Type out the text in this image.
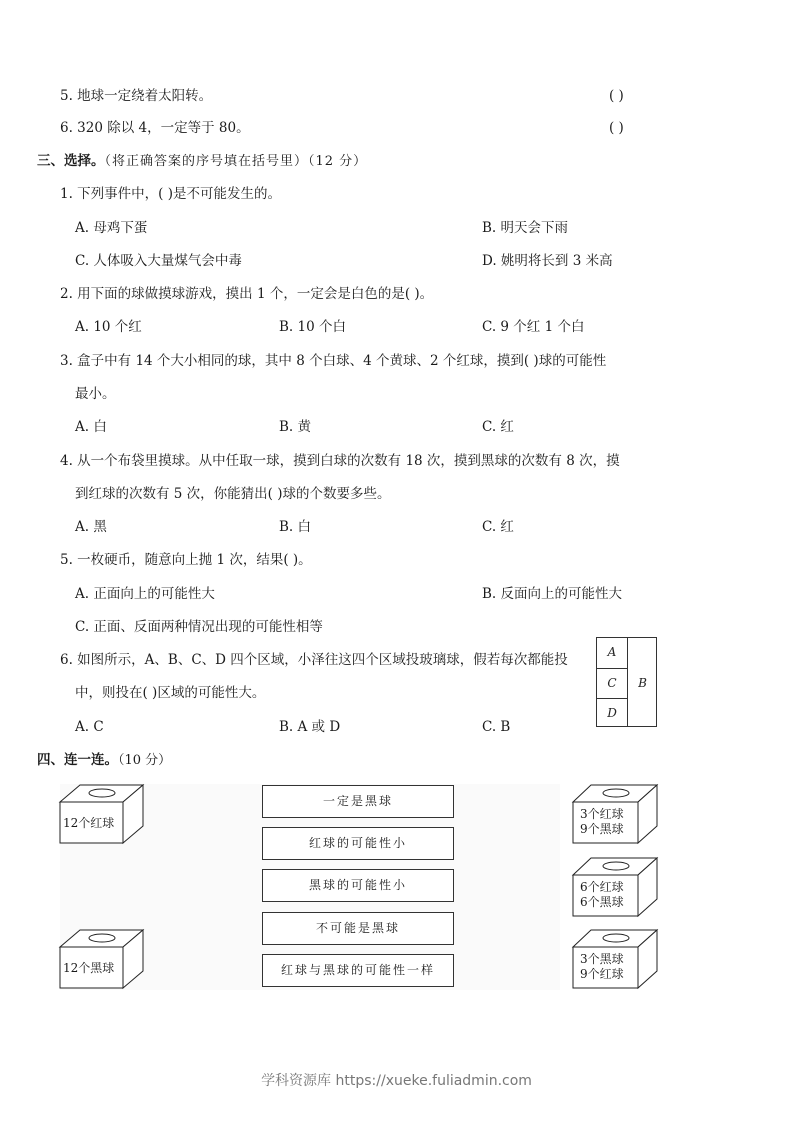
5. 地球一定绕着太阳转。	( )
6. 320 除以 4，一定等于 80。	( )
三、选择。（将正确答案的序号填在括号里）（12 分）
1. 下列事件中，( )是不可能发生的。
A. 母鸡下蛋	B. 明天会下雨
C. 人体吸入大量煤气会中毒	D. 姚明将长到 3 米高
2. 用下面的球做摸球游戏，摸出 1 个，一定会是白色的是( )。
A. 10 个红	B. 10 个白	C. 9 个红 1 个白
3. 盒子中有 14 个大小相同的球，其中 8 个白球、4 个黄球、2 个红球，摸到( )球的可能性
最小。
A. 白	B. 黄	C. 红
4. 从一个布袋里摸球。从中任取一球，摸到白球的次数有 18 次，摸到黑球的次数有 8 次，摸
到红球的次数有 5 次，你能猜出( )球的个数要多些。
A. 黑	B. 白	C. 红
5. 一枚硬币，随意向上抛 1 次，结果( )。
A. 正面向上的可能性大	B. 反面向上的可能性大
C. 正面、反面两种情况出现的可能性相等
6. 如图所示，A、B、C、D 四个区域，小泽往这四个区域投玻璃球，假若每次都能投
中，则投在( )区域的可能性大。
A. C	B. A 或 D	C. B
A
C
D
B
四、连一连。（10 分）
12个红球
12个黑球
一定是黑球
红球的可能性小
黑球的可能性小
不可能是黑球
红球与黑球的可能性一样
3个红球
9个黑球
6个红球
6个黑球
3个黑球
9个红球
学科资源库 https://xueke.fuliadmin.com
